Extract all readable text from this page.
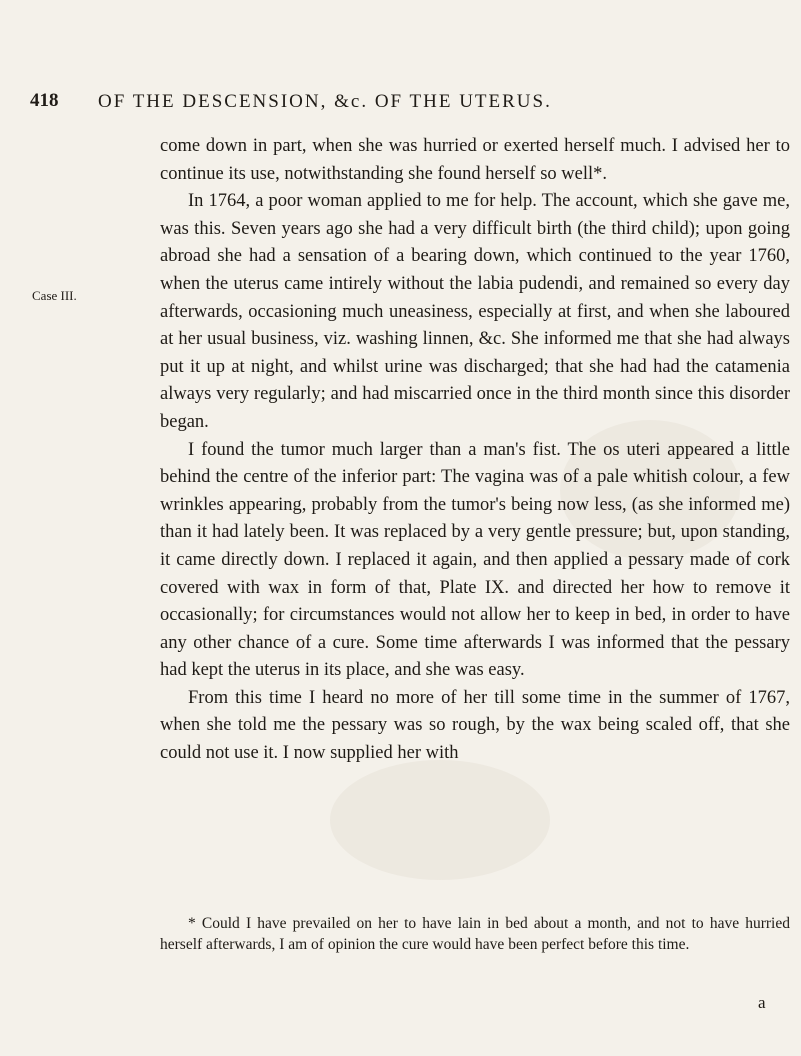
418 OF THE DESCENSION, &c. OF THE UTERUS.
Case III.

come down in part, when she was hurried or exerted herself much. I advised her to continue its use, notwithstanding she found herself so well*.

In 1764, a poor woman applied to me for help. The account, which she gave me, was this. Seven years ago she had a very difficult birth (the third child); upon going abroad she had a sensation of a bearing down, which continued to the year 1760, when the uterus came intirely without the labia pudendi, and remained so every day afterwards, occasioning much uneasiness, especially at first, and when she laboured at her usual business, viz. washing linnen, &c. She informed me that she had always put it up at night, and whilst urine was discharged; that she had had the catamenia always very regularly; and had miscarried once in the third month since this disorder began.

I found the tumor much larger than a man's fist. The os uteri appeared a little behind the centre of the inferior part: The vagina was of a pale whitish colour, a few wrinkles appearing, probably from the tumor's being now less, (as she informed me) than it had lately been. It was replaced by a very gentle pressure; but, upon standing, it came directly down. I replaced it again, and then applied a pessary made of cork covered with wax in form of that, Plate IX. and directed her how to remove it occasionally; for circumstances would not allow her to keep in bed, in order to have any other chance of a cure. Some time afterwards I was informed that the pessary had kept the uterus in its place, and she was easy.

From this time I heard no more of her till some time in the summer of 1767, when she told me the pessary was so rough, by the wax being scaled off, that she could not use it. I now supplied her with

* Could I have prevailed on her to have lain in bed about a month, and not to have hurried herself afterwards, I am of opinion the cure would have been perfect before this time.

a
